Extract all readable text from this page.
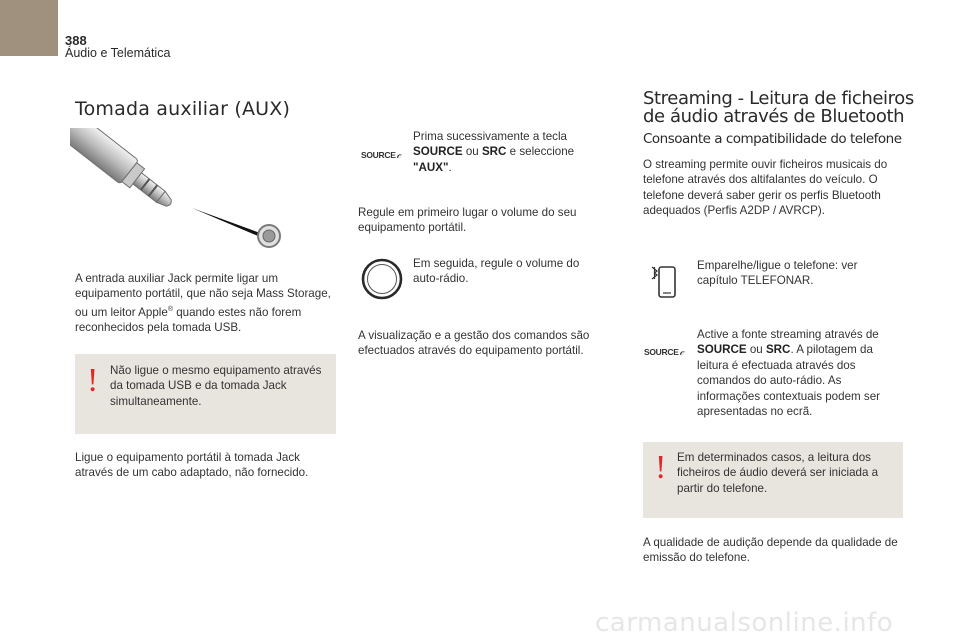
388
Áudio e Telemática
Tomada auxiliar (AUX)
A entrada auxiliar Jack permite ligar um equipamento portátil, que não seja Mass Storage, ou um leitor Apple® quando estes não forem reconhecidos pela tomada USB.
! Não ligue o mesmo equipamento através da tomada USB e da tomada Jack simultaneamente.
Ligue o equipamento portátil à tomada Jack através de um cabo adaptado, não fornecido.
SOURCE𝒸
Prima sucessivamente a tecla SOURCE ou SRC e seleccione "AUX".
Regule em primeiro lugar o volume do seu equipamento portátil.
Em seguida, regule o volume do auto-rádio.
A visualização e a gestão dos comandos são efectuados através do equipamento portátil.
Streaming - Leitura de ficheiros de áudio através de Bluetooth
Consoante a compatibilidade do telefone
O streaming permite ouvir ficheiros musicais do telefone através dos altifalantes do veículo. O telefone deverá saber gerir os perfis Bluetooth adequados (Perfis A2DP / AVRCP).
Emparelhe/ligue o telefone: ver capítulo TELEFONAR.
SOURCE𝒸
Active a fonte streaming através de SOURCE ou SRC. A pilotagem da leitura é efectuada através dos comandos do auto-rádio. As informações contextuais podem ser apresentadas no ecrã.
! Em determinados casos, a leitura dos ficheiros de áudio deverá ser iniciada a partir do telefone.
A qualidade de audição depende da qualidade de emissão do telefone.
carmanualsonline.info
